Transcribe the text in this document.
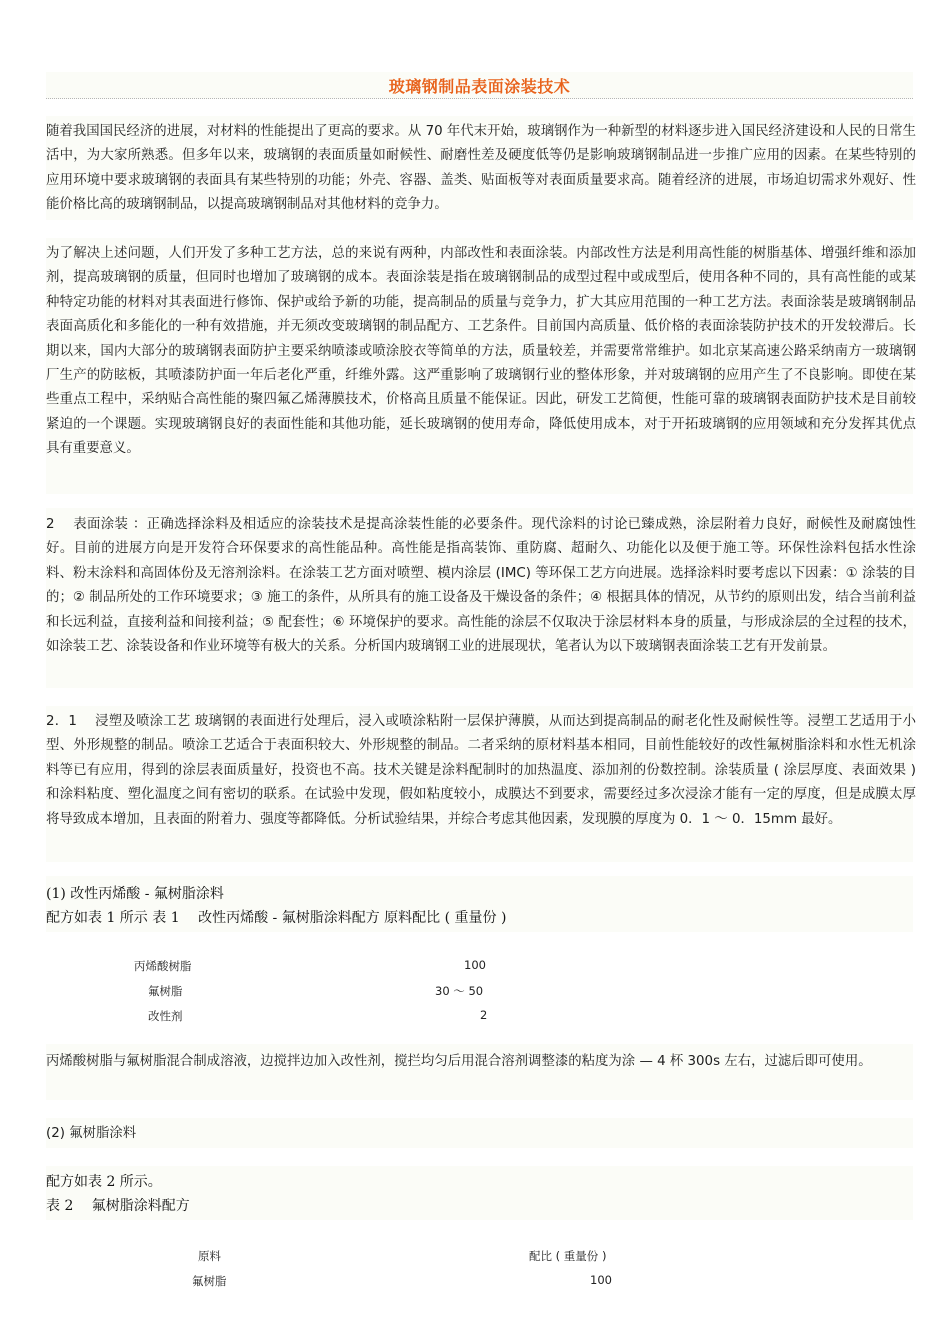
玻璃钢制品表面涂装技术
随着我国国民经济的进展，对材料的性能提出了更高的要求。从 70 年代末开始，玻璃钢作为一种新型的材料逐步进入国民经济建设和人民的日常生活中，为大家所熟悉。但多年以来，玻璃钢的表面质量如耐候性、耐磨性差及硬度低等仍是影响玻璃钢制品进一步推广应用的因素。在某些特别的应用环境中要求玻璃钢的表面具有某些特别的功能；外壳、容器、盖类、贴面板等对表面质量要求高。随着经济的进展，市场迫切需求外观好、性能价格比高的玻璃钢制品，以提高玻璃钢制品对其他材料的竞争力。
为了解决上述问题，人们开发了多种工艺方法，总的来说有两种，内部改性和表面涂装。内部改性方法是利用高性能的树脂基体、增强纤维和添加剂，提高玻璃钢的质量，但同时也增加了玻璃钢的成本。表面涂装是指在玻璃钢制品的成型过程中或成型后，使用各种不同的，具有高性能的或某种特定功能的材料对其表面进行修饰、保护或给予新的功能，提高制品的质量与竞争力，扩大其应用范围的一种工艺方法。表面涂装是玻璃钢制品表面高质化和多能化的一种有效措施，并无须改变玻璃钢的制品配方、工艺条件。目前国内高质量、低价格的表面涂装防护技术的开发较滞后。长期以来，国内大部分的玻璃钢表面防护主要采纳喷漆或喷涂胶衣等简单的方法，质量较差，并需要常常维护。如北京某高速公路采纳南方一玻璃钢厂生产的防眩板，其喷漆防护面一年后老化严重，纤维外露。这严重影响了玻璃钢行业的整体形象，并对玻璃钢的应用产生了不良影响。即使在某些重点工程中，采纳贴合高性能的聚四氟乙烯薄膜技术，价格高且质量不能保证。因此，研发工艺简便，性能可靠的玻璃钢表面防护技术是目前较紧迫的一个课题。实现玻璃钢良好的表面性能和其他功能，延长玻璃钢的使用寿命，降低使用成本，对于开拓玻璃钢的应用领域和充分发挥其优点具有重要意义。
2　 表面涂装 ：正确选择涂料及相适应的涂装技术是提高涂装性能的必要条件。现代涂料的讨论已臻成熟，涂层附着力良好，耐候性及耐腐蚀性好。目前的进展方向是开发符合环保要求的高性能品种。高性能是指高装饰、重防腐、超耐久、功能化以及便于施工等。环保性涂料包括水性涂料、粉末涂料和高固体份及无溶剂涂料。在涂装工艺方面对喷塑、模内涂层 (IMC) 等环保工艺方向进展。选择涂料时要考虑以下因素：① 涂装的目的；② 制品所处的工作环境要求；③ 施工的条件，从所具有的施工设备及干燥设备的条件；④ 根据具体的情况，从节约的原则出发，结合当前利益和长远利益，直接利益和间接利益；⑤ 配套性；⑥ 环境保护的要求。高性能的涂层不仅取决于涂层材料本身的质量，与形成涂层的全过程的技术，如涂装工艺、涂装设备和作业环境等有极大的关系。分析国内玻璃钢工业的进展现状，笔者认为以下玻璃钢表面涂装工艺有开发前景。
2．1　 浸塑及喷涂工艺 玻璃钢的表面进行处理后，浸入或喷涂粘附一层保护薄膜，从而达到提高制品的耐老化性及耐候性等。浸塑工艺适用于小型、外形规整的制品。喷涂工艺适合于表面积较大、外形规整的制品。二者采纳的原材料基本相同，目前性能较好的改性氟树脂涂料和水性无机涂料等已有应用，得到的涂层表面质量好，投资也不高。技术关键是涂料配制时的加热温度、添加剂的份数控制。涂装质量 ( 涂层厚度、表面效果 ) 和涂料粘度、塑化温度之间有密切的联系。在试验中发现，假如粘度较小，成膜达不到要求，需要经过多次浸涂才能有一定的厚度，但是成膜太厚将导致成本增加，且表面的附着力、强度等都降低。分析试验结果，并综合考虑其他因素，发现膜的厚度为 0．1 ～ 0．15mm 最好。
(1) 改性丙烯酸 - 氟树脂涂料
配方如表 1 所示 表 1　 改性丙烯酸 - 氟树脂涂料配方 原料配比 ( 重量份 )
丙烯酸树脂	100
氟树脂	30 ～ 50
改性剂	2
丙烯酸树脂与氟树脂混合制成溶液，边搅拌边加入改性剂，搅拦均匀后用混合溶剂调整漆的粘度为涂 — 4 杯 300s 左右，过滤后即可使用。
(2) 氟树脂涂料
配方如表 2 所示。
表 2　 氟树脂涂料配方
原料	配比 ( 重量份 )
氟树脂	100
